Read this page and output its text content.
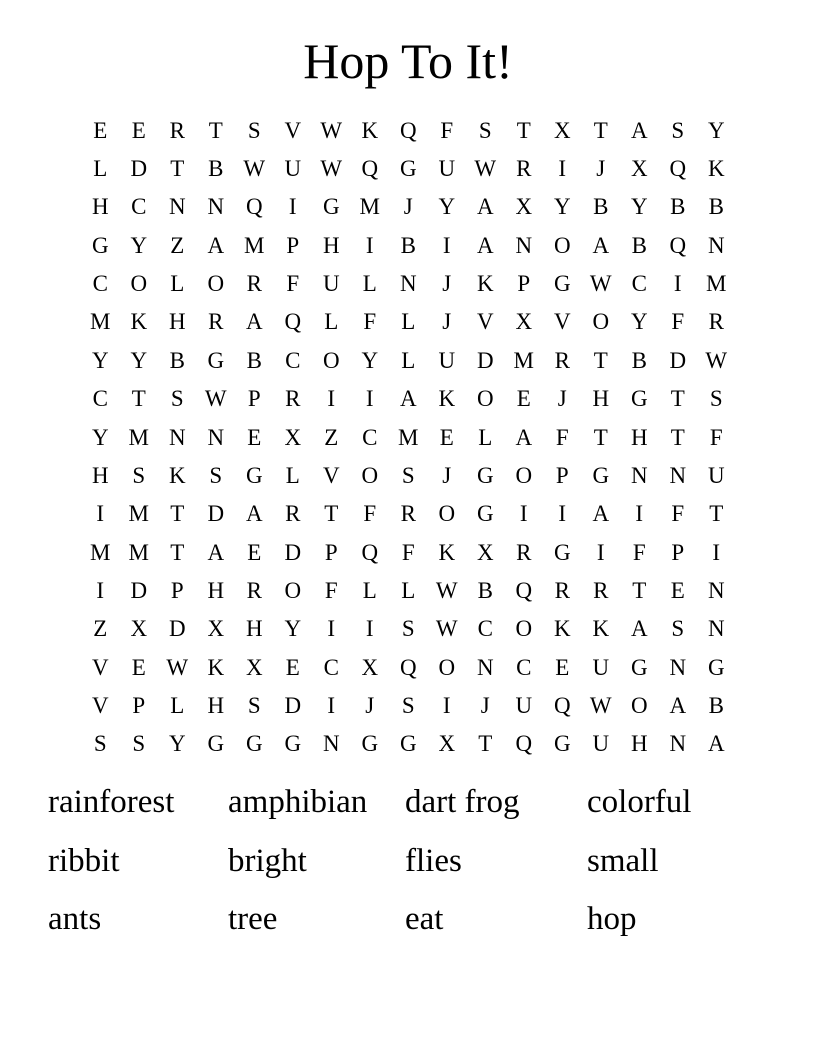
Hop To It!
E	E	R	T	S	V W K Q	F	S	T	X	T	A	S	Y
L	D	T	B W U W Q G U W R	I	J	X Q K
H C N N Q	I	G M	J	Y A X Y B Y B	B
G Y	Z	A M P	H	I	B	I	A N O A B Q N
C O	L	O R	F	U	L	N	J	K	P	G W C	I	M
M K H R A Q	L	F	L	J	V X V O Y	F	R
Y Y B G B	C O Y	L	U D M R	T	B D W
C	T	S W P	R	I	I	A K O	E	J	H G	T	S
Y M N N	E	X	Z	C M E	L	A	F	T	H	T	F
H	S	K	S	G	L	V O	S	J	G O	P	G N N U
I	M T	D A R	T	F	R O G	I	I	A	I	F	T
M M T	A	E	D	P	Q	F	K X R G	I	F	P	I
I	D	P	H R O	F	L	L W B Q R	R	T	E	N
Z	X D X H Y	I	I	S W C O K K A	S	N
V	E W K X	E	C X Q O N C	E	U G N G
V	P	L	H	S	D	I	J	S	I	J	U Q W O A B
S	S	Y G G G N G G X	T	Q G U H N A
rainforest	amphibian	dart frog	colorful
ribbit	bright	flies	small
ants	tree	eat	hop
